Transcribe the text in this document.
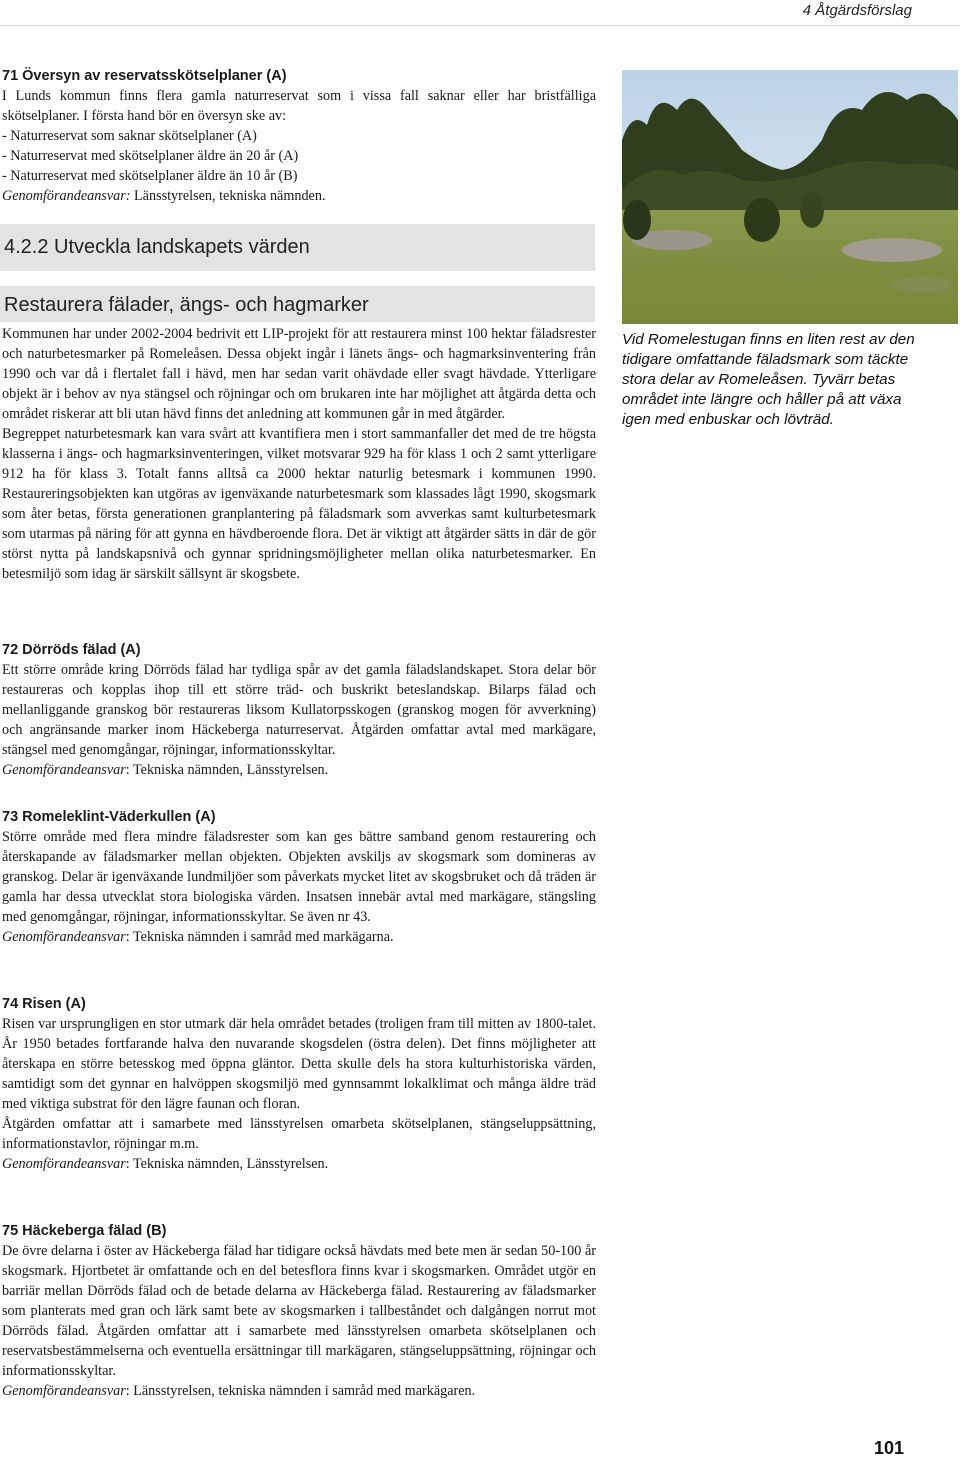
4 Åtgärdsförslag
71 Översyn av reservatsskötselplaner (A)

I Lunds kommun finns flera gamla naturreservat som i vissa fall saknar eller har bristfälliga skötselplaner. I första hand bör en översyn ske av:

- Naturreservat som saknar skötselplaner (A)

- Naturreservat med skötselplaner äldre än 20 år (A)

- Naturreservat med skötselplaner äldre än 10 år (B)

Genomförandeansvar: Länsstyrelsen, tekniska nämnden.

4.2.2 Utveckla landskapets värden
Restaurera fälader, ängs- och hagmarker

Kommunen har under 2002-2004 bedrivit ett LIP-projekt för att restaurera minst 100 hektar fäladsrester och naturbetesmarker på Romeleåsen. Dessa objekt ingår i länets ängs- och hagmarksinventering från 1990 och var då i flertalet fall i hävd, men har sedan varit ohävdade eller svagt hävdade. Ytterligare objekt är i behov av nya stängsel och röjningar och om brukaren inte har möjlighet att åtgärda detta och området riskerar att bli utan hävd finns det anledning att kommunen går in med åtgärder.

Begreppet naturbetesmark kan vara svårt att kvantifiera men i stort sammanfaller det med de tre högsta klasserna i ängs- och hagmarksinventeringen, vilket motsvarar 929 ha för klass 1 och 2 samt ytterligare 912 ha för klass 3. Totalt fanns alltså ca 2000 hektar naturlig betesmark i kommunen 1990. Restaureringsobjekten kan utgöras av igenväxande naturbetesmark som klassades lågt 1990, skogsmark som åter betas, första generationen granplantering på fäladsmark som avverkas samt kulturbetesmark som utarmas på näring för att gynna en hävdberoende flora. Det är viktigt att åtgärder sätts in där de gör störst nytta på landskapsnivå och gynnar spridningsmöjligheter mellan olika naturbetesmarker. En betesmiljö som idag är särskilt sällsynt är skogsbete.

72 Dörröds fälad (A)

Ett större område kring Dörröds fälad har tydliga spår av det gamla fäladslandskapet. Stora delar bör restaureras och kopplas ihop till ett större träd- och buskrikt beteslandskap. Bilarps fälad och mellanliggande granskog bör restaureras liksom Kullatorpsskogen (granskog mogen för avverkning) och angränsande marker inom Häckeberga naturreservat. Åtgärden omfattar avtal med markägare, stängsel med genomgångar, röjningar, informationsskyltar.

Genomförandeansvar: Tekniska nämnden, Länsstyrelsen.

73 Romeleklint-Väderkullen (A)

Större område med flera mindre fäladsrester som kan ges bättre samband genom restaurering och återskapande av fäladsmarker mellan objekten. Objekten avskiljs av skogsmark som domineras av granskog. Delar är igenväxande lundmiljöer som påverkats mycket litet av skogsbruket och då träden är gamla har dessa utvecklat stora biologiska värden. Insatsen innebär avtal med markägare, stängsling med genomgångar, röjningar, informationsskyltar. Se även nr 43.

Genomförandeansvar: Tekniska nämnden i samråd med markägarna.

74 Risen (A)

Risen var ursprungligen en stor utmark där hela området betades (troligen fram till mitten av 1800-talet. År 1950 betades fortfarande halva den nuvarande skogsdelen (östra delen). Det finns möjligheter att återskapa en större betesskog med öppna gläntor. Detta skulle dels ha stora kulturhistoriska värden, samtidigt som det gynnar en halvöppen skogsmiljö med gynnsammt lokalklimat och många äldre träd med viktiga substrat för den lägre faunan och floran.

Åtgärden omfattar att i samarbete med länsstyrelsen omarbeta skötselplanen, stängseluppsättning, informationstavlor, röjningar m.m.

Genomförandeansvar: Tekniska nämnden, Länsstyrelsen.

75 Häckeberga fälad (B)

De övre delarna i öster av Häckeberga fälad har tidigare också hävdats med bete men är sedan 50-100 år skogsmark. Hjortbetet är omfattande och en del betesflora finns kvar i skogsmarken. Området utgör en barriär mellan Dörröds fälad och de betade delarna av Häckeberga fälad. Restaurering av fäladsmarker som planterats med gran och lärk samt bete av skogsmarken i tallbeståndet och dalgången norrut mot Dörröds fälad. Åtgärden omfattar att i samarbete med länsstyrelsen omarbeta skötselplanen och reservatsbestämmelserna och eventuella ersättningar till markägaren, stängseluppsättning, röjningar och informationsskyltar.

Genomförandeansvar: Länsstyrelsen, tekniska nämnden i samråd med markägaren.

Vid Romelestugan finns en liten rest av den tidigare omfattande fäladsmark som täckte stora delar av Romeleåsen. Tyvärr betas området inte längre och håller på att växa igen med enbuskar och lövträd.
101
